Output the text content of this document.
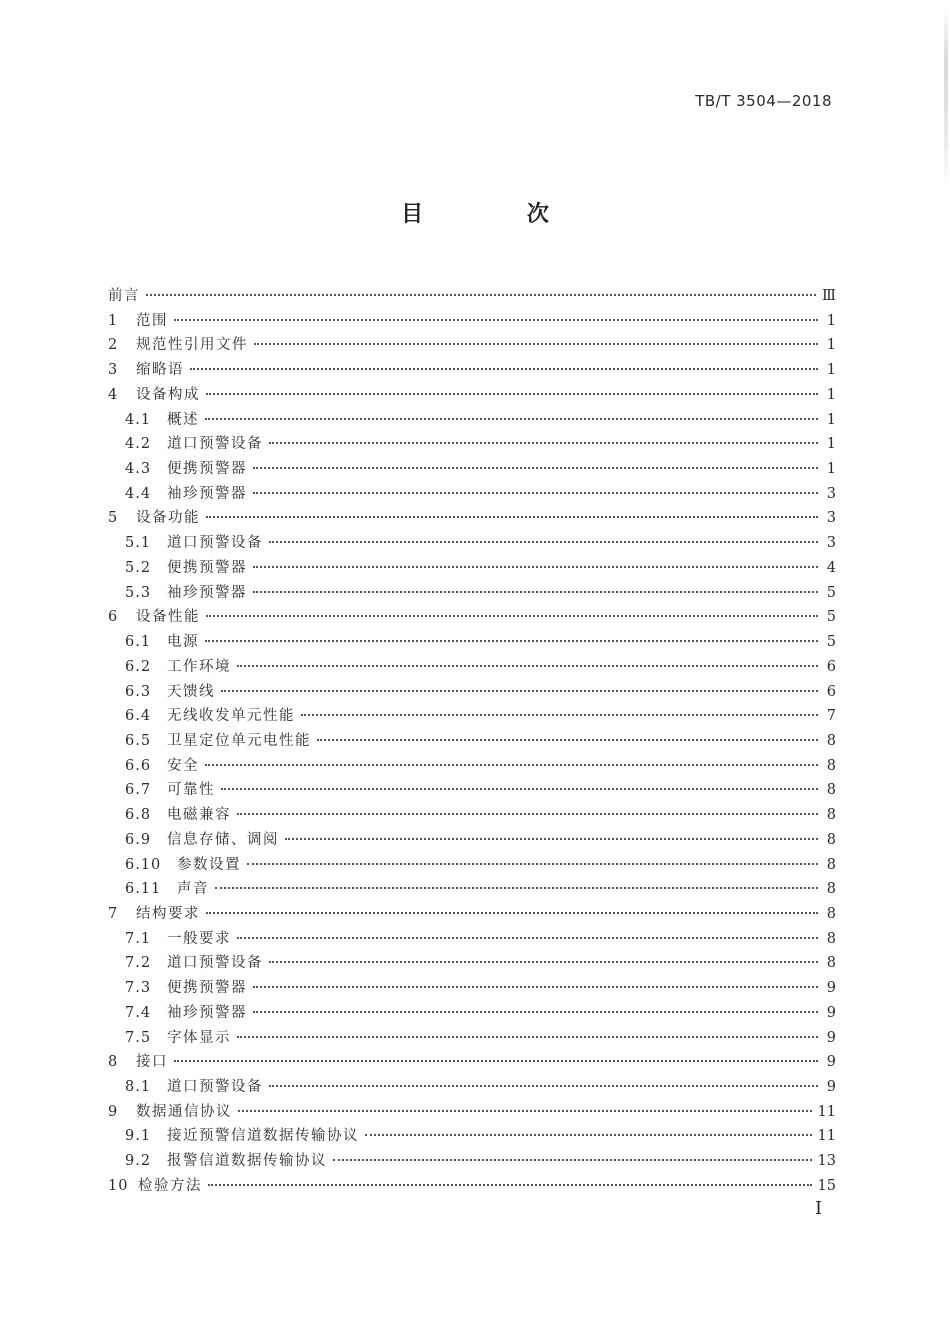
TB/T 3504—2018
目 次
前言	Ⅲ
1	范围	1
2	规范性引用文件	1
3	缩略语	1
4	设备构成	1
4.1	概述	1
4.2	道口预警设备	1
4.3	便携预警器	1
4.4	袖珍预警器	3
5	设备功能	3
5.1	道口预警设备	3
5.2	便携预警器	4
5.3	袖珍预警器	5
6	设备性能	5
6.1	电源	5
6.2	工作环境	6
6.3	天馈线	6
6.4	无线收发单元性能	7
6.5	卫星定位单元电性能	8
6.6	安全	8
6.7	可靠性	8
6.8	电磁兼容	8
6.9	信息存储、调阅	8
6.10	参数设置	8
6.11	声音	8
7	结构要求	8
7.1	一般要求	8
7.2	道口预警设备	8
7.3	便携预警器	9
7.4	袖珍预警器	9
7.5	字体显示	9
8	接口	9
8.1	道口预警设备	9
9	数据通信协议	11
9.1	接近预警信道数据传输协议	11
9.2	报警信道数据传输协议	13
10 检验方法	15
I
